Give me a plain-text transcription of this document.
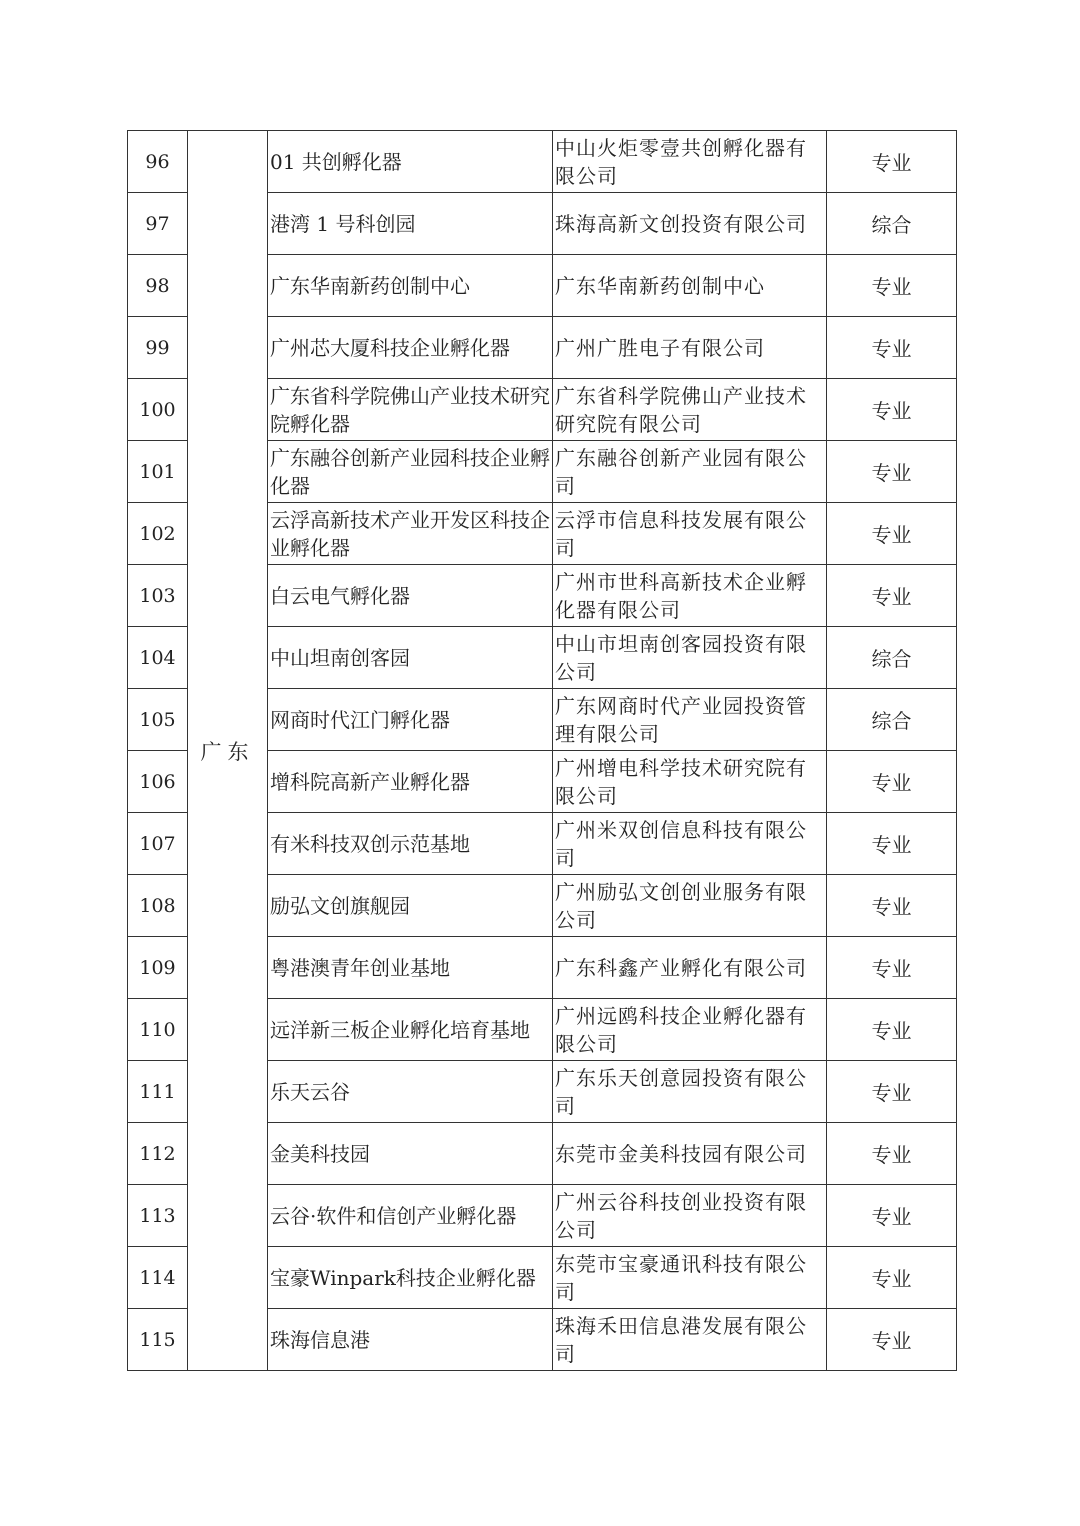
96	广东	01 共创孵化器	中山火炬零壹共创孵化器有限公司	专业
97		港湾 1 号科创园	珠海高新文创投资有限公司	综合
98		广东华南新药创制中心	广东华南新药创制中心	专业
99		广州芯大厦科技企业孵化器	广州广胜电子有限公司	专业
100		广东省科学院佛山产业技术研究院孵化器	广东省科学院佛山产业技术研究院有限公司	专业
101		广东融谷创新产业园科技企业孵化器	广东融谷创新产业园有限公司	专业
102		云浮高新技术产业开发区科技企业孵化器	云浮市信息科技发展有限公司	专业
103		白云电气孵化器	广州市世科高新技术企业孵化器有限公司	专业
104		中山坦南创客园	中山市坦南创客园投资有限公司	综合
105		网商时代江门孵化器	广东网商时代产业园投资管理有限公司	综合
106		增科院高新产业孵化器	广州增电科学技术研究院有限公司	专业
107		有米科技双创示范基地	广州米双创信息科技有限公司	专业
108		励弘文创旗舰园	广州励弘文创创业服务有限公司	专业
109		粤港澳青年创业基地	广东科鑫产业孵化有限公司	专业
110		远洋新三板企业孵化培育基地	广州远鸥科技企业孵化器有限公司	专业
111		乐天云谷	广东乐天创意园投资有限公司	专业
112		金美科技园	东莞市金美科技园有限公司	专业
113		云谷·软件和信创产业孵化器	广州云谷科技创业投资有限公司	专业
114		宝豪Winpark科技企业孵化器	东莞市宝豪通讯科技有限公司	专业
115		珠海信息港	珠海禾田信息港发展有限公司	专业
